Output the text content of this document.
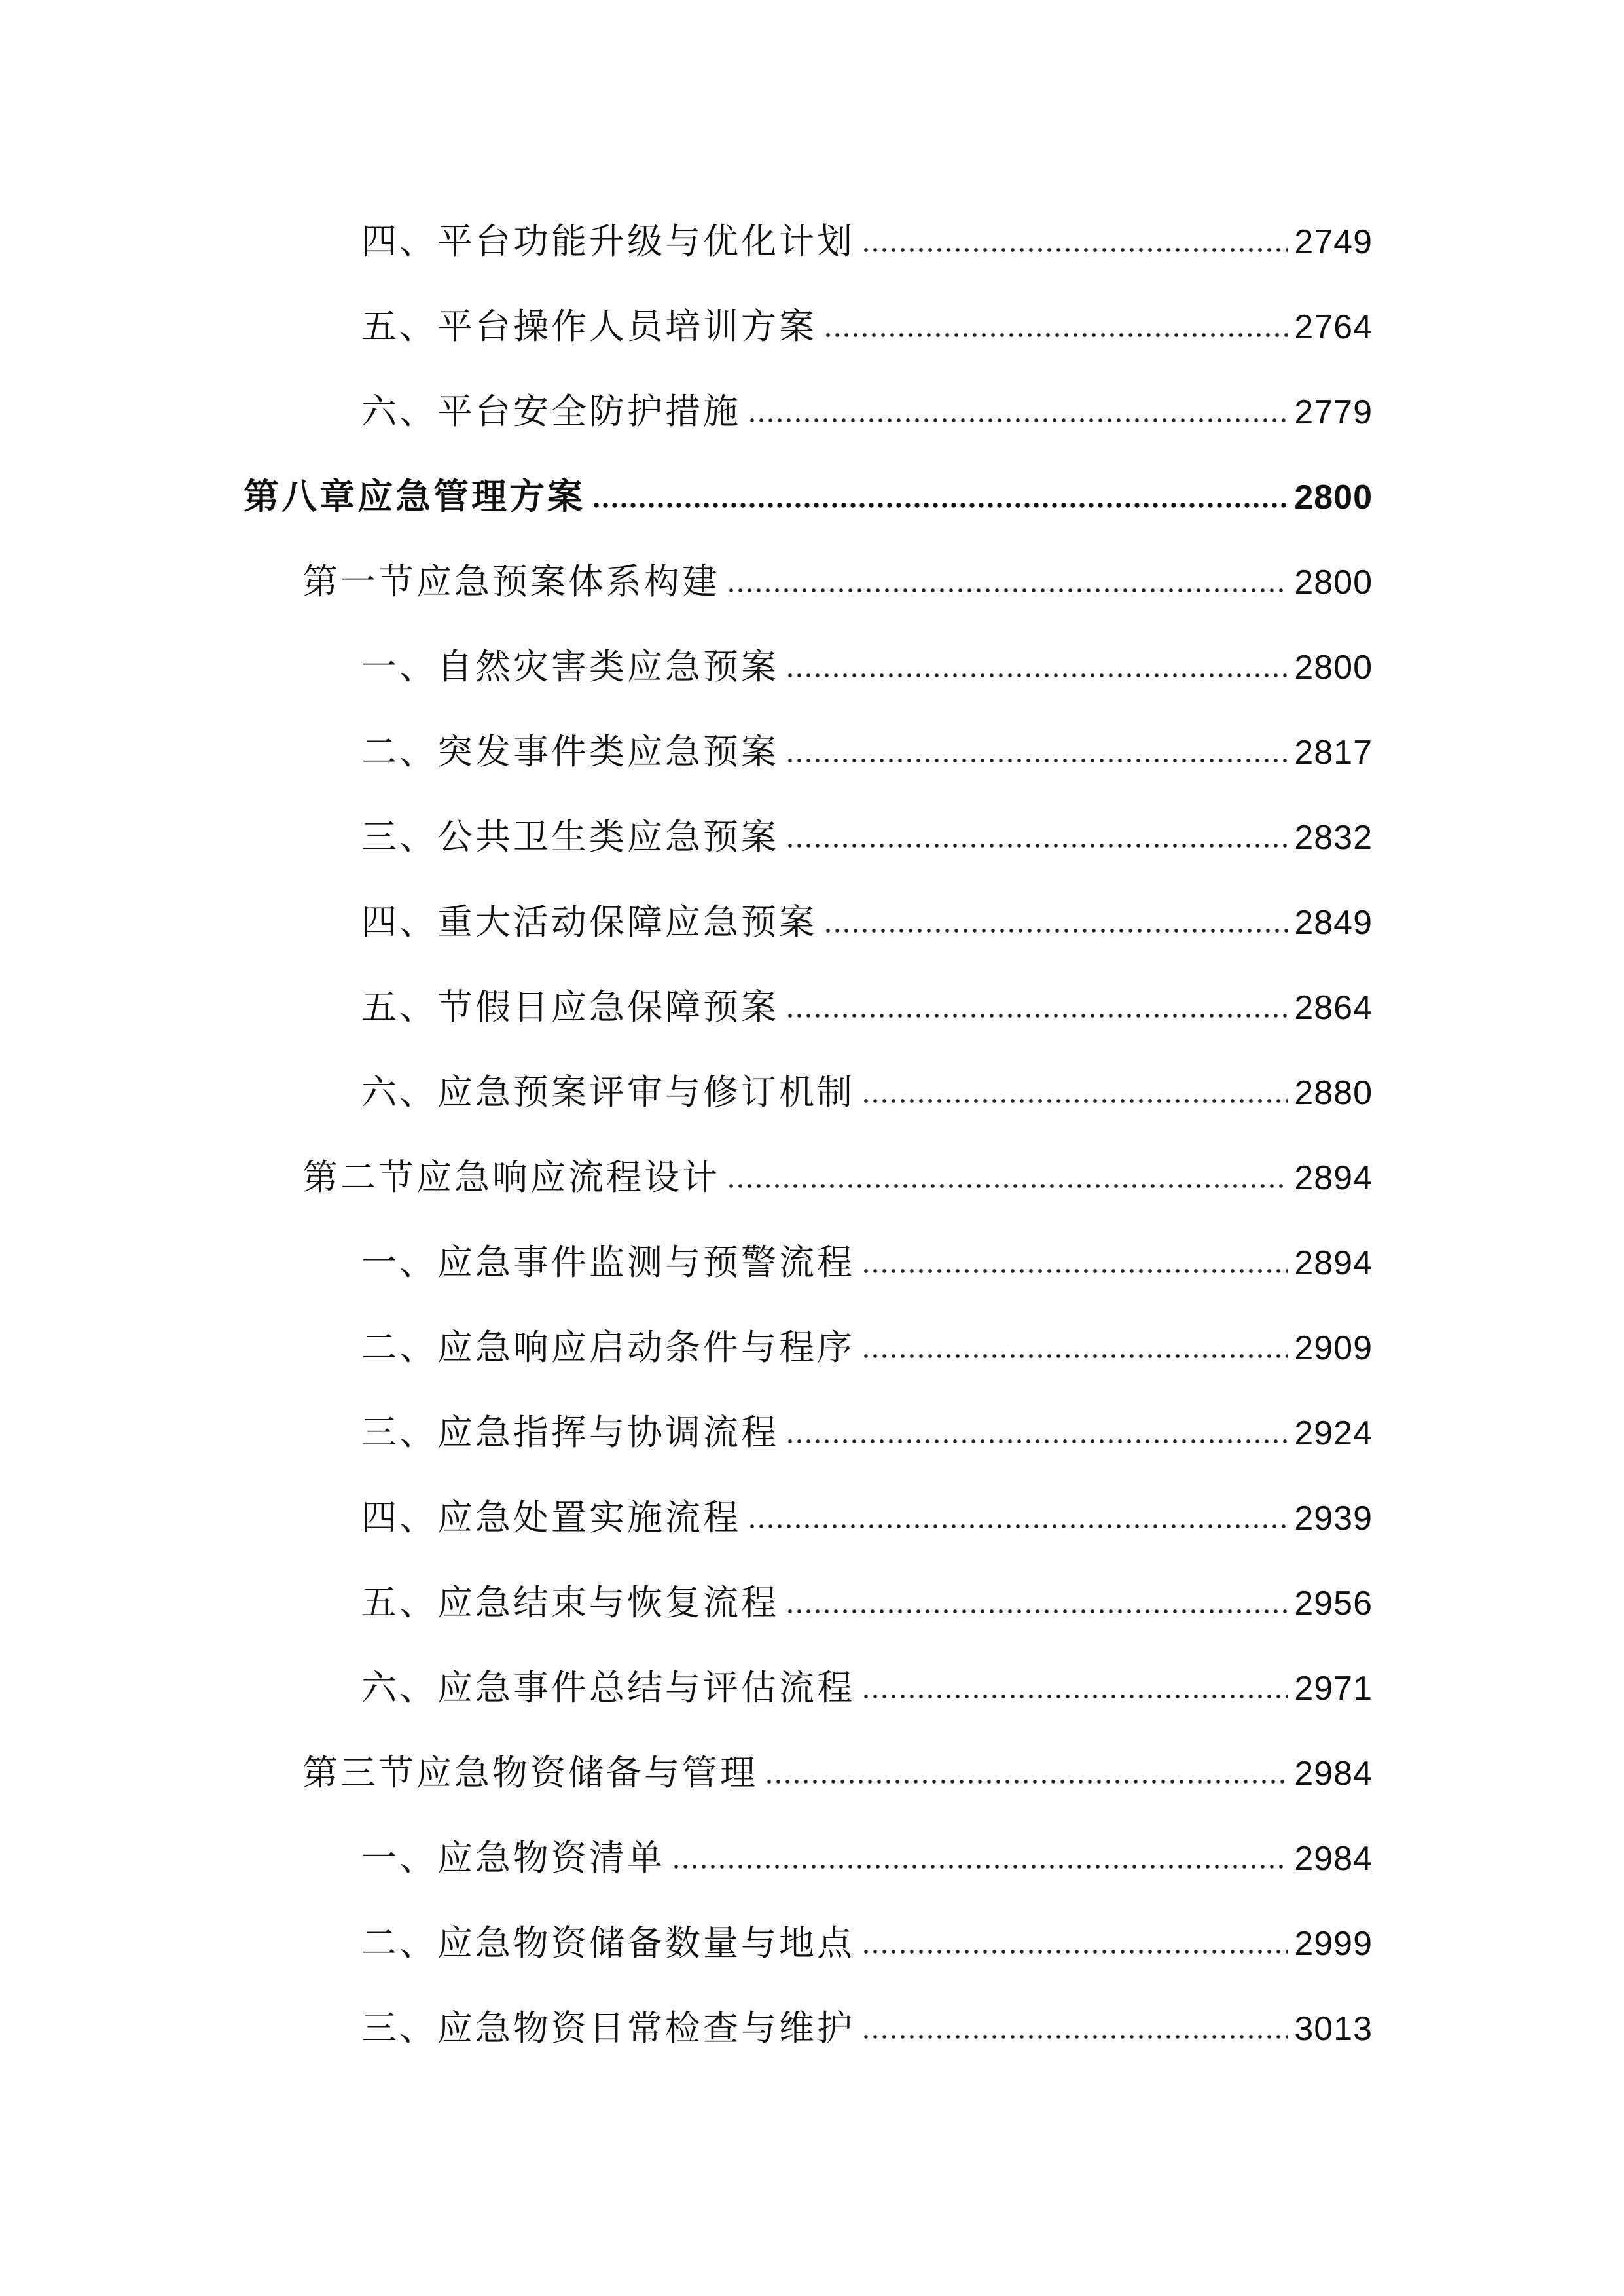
四、平台功能升级与优化计划	2749
五、平台操作人员培训方案	2764
六、平台安全防护措施	2779
第八章应急管理方案	2800
第一节应急预案体系构建	2800
一、自然灾害类应急预案	2800
二、突发事件类应急预案	2817
三、公共卫生类应急预案	2832
四、重大活动保障应急预案	2849
五、节假日应急保障预案	2864
六、应急预案评审与修订机制	2880
第二节应急响应流程设计	2894
一、应急事件监测与预警流程	2894
二、应急响应启动条件与程序	2909
三、应急指挥与协调流程	2924
四、应急处置实施流程	2939
五、应急结束与恢复流程	2956
六、应急事件总结与评估流程	2971
第三节应急物资储备与管理	2984
一、应急物资清单	2984
二、应急物资储备数量与地点	2999
三、应急物资日常检查与维护	3013
